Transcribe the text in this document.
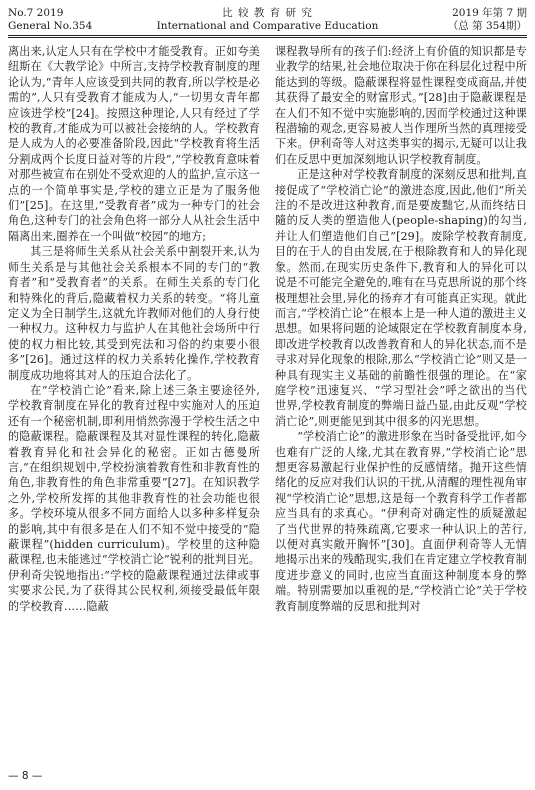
No.7 2019
General No.354
比 较 教 育 研 究
International and Comparative Education
2019 年第 7 期
（总 第 354期）

离出来,认定人只有在学校中才能受教育。正如夸美纽斯在《大教学论》中所言,支持学校教育制度的理论认为,“青年人应该受到共同的教育,所以学校是必需的”,人只有受教育才能成为人,“一切男女青年都应该进学校”[24]。按照这种理论,人只有经过了学校的教育,才能成为可以被社会接纳的人。学校教育是人成为人的必要准备阶段,因此“学校教育将生活分割成两个长度日益对等的片段”,“学校教育意味着对那些被宣布在别处不受欢迎的人的监护,宣示这一点的一个简单事实是,学校的建立正是为了服务他们”[25]。在这里,“受教育者”成为一种专门的社会角色,这种专门的社会角色将一部分人从社会生活中隔离出来,圈养在一个叫做“校园”的地方;

其三是将师生关系从社会关系中割裂开来,认为师生关系是与其他社会关系根本不同的专门的“教育者”和“受教育者”的关系。在师生关系的专门化和特殊化的背后,隐藏着权力关系的转变。“将儿童定义为全日制学生,这就允许教师对他们的人身行使一种权力。这种权力与监护人在其他社会场所中行使的权力相比较,其受到宪法和习俗的约束要小很多”[26]。通过这样的权力关系转化操作,学校教育制度成功地将其对人的压迫合法化了。

在“学校消亡论”看来,除上述三条主要途径外,学校教育制度在异化的教育过程中实施对人的压迫还有一个秘密机制,即利用悄然弥漫于学校生活之中的隐蔽课程。隐蔽课程及其对显性课程的转化,隐蔽着教育异化和社会异化的秘密。正如古德曼所言,“在组织规划中,学校扮演着教育性和非教育性的角色,非教育性的角色非常重要”[27]。在知识教学之外,学校所发挥的其他非教育性的社会功能也很多。学校环境从很多不同方面给人以多种多样复杂的影响,其中有很多是在人们不知不觉中接受的“隐蔽课程”(hidden curriculum)。学校里的这种隐蔽课程,也未能逃过“学校消亡论”锐利的批判目光。伊利奇尖锐地指出:“学校的隐蔽课程通过法律或事实要求公民,为了获得其公民权利,须接受最低年限的学校教育……隐蔽

课程教导所有的孩子们:经济上有价值的知识都是专业教学的结果,社会地位取决于你在科层化过程中所能达到的等级。隐蔽课程将显性课程变成商品,并使其获得了最安全的财富形式。”[28]由于隐蔽课程是在人们不知不觉中实施影响的,因而学校通过这种课程潜输的观念,更容易被人当作理所当然的真理接受下来。伊利奇等人对这类事实的揭示,无疑可以让我们在反思中更加深刻地认识学校教育制度。

正是这种对学校教育制度的深刻反思和批判,直接促成了“学校消亡论”的激进态度,因此,他们“所关注的不是改进这种教育,而是要废黜它,从而终结日隨的反人类的塑造他人(people-shaping)的勾当,并让人们塑造他们自己”[29]。废除学校教育制度,目的在于人的自由发展,在于根除教育和人的异化现象。然而,在现实历史条件下,教育和人的异化可以说是不可能完全避免的,唯有在马克思所说的那个终极理想社会里,异化的扬弃才有可能真正实现。就此而言,“学校消亡论”在根本上是一种人道的激进主义思想。如果将问题的论域限定在学校教育制度本身,即改进学校教育以改善教育和人的异化状态,而不是寻求对异化现象的根除,那么“学校消亡论”则又是一种具有现实主义基础的前瞻性很强的理论。在“家庭学校”迅速复兴、“学习型社会”呼之欲出的当代世界,学校教育制度的弊端日益凸显,由此反观“学校消亡论”,则更能见到其中很多的闪光思想。

“学校消亡论”的激进形象在当时备受批评,如今也难有广泛的人缘,尤其在教育界,“学校消亡论”思想更容易激起行业保护性的反感情绪。抛开这些情绪化的反应对我们认识的干扰,从清醒的理性视角审视“学校消亡论”思想,这是每一个教育科学工作者都应当具有的求真心。“伊利奇对确定性的质疑激起了当代世界的特殊疏离,它要求一种认识上的苦行,以便对真实敞开胸怀”[30]。直面伊利奇等人无情地揭示出来的残酷现实,我们在肯定建立学校教育制度进步意义的同时,也应当直面这种制度本身的弊端。特别需要加以重视的是,“学校消亡论”关于学校教育制度弊端的反思和批判对

— 8 —
